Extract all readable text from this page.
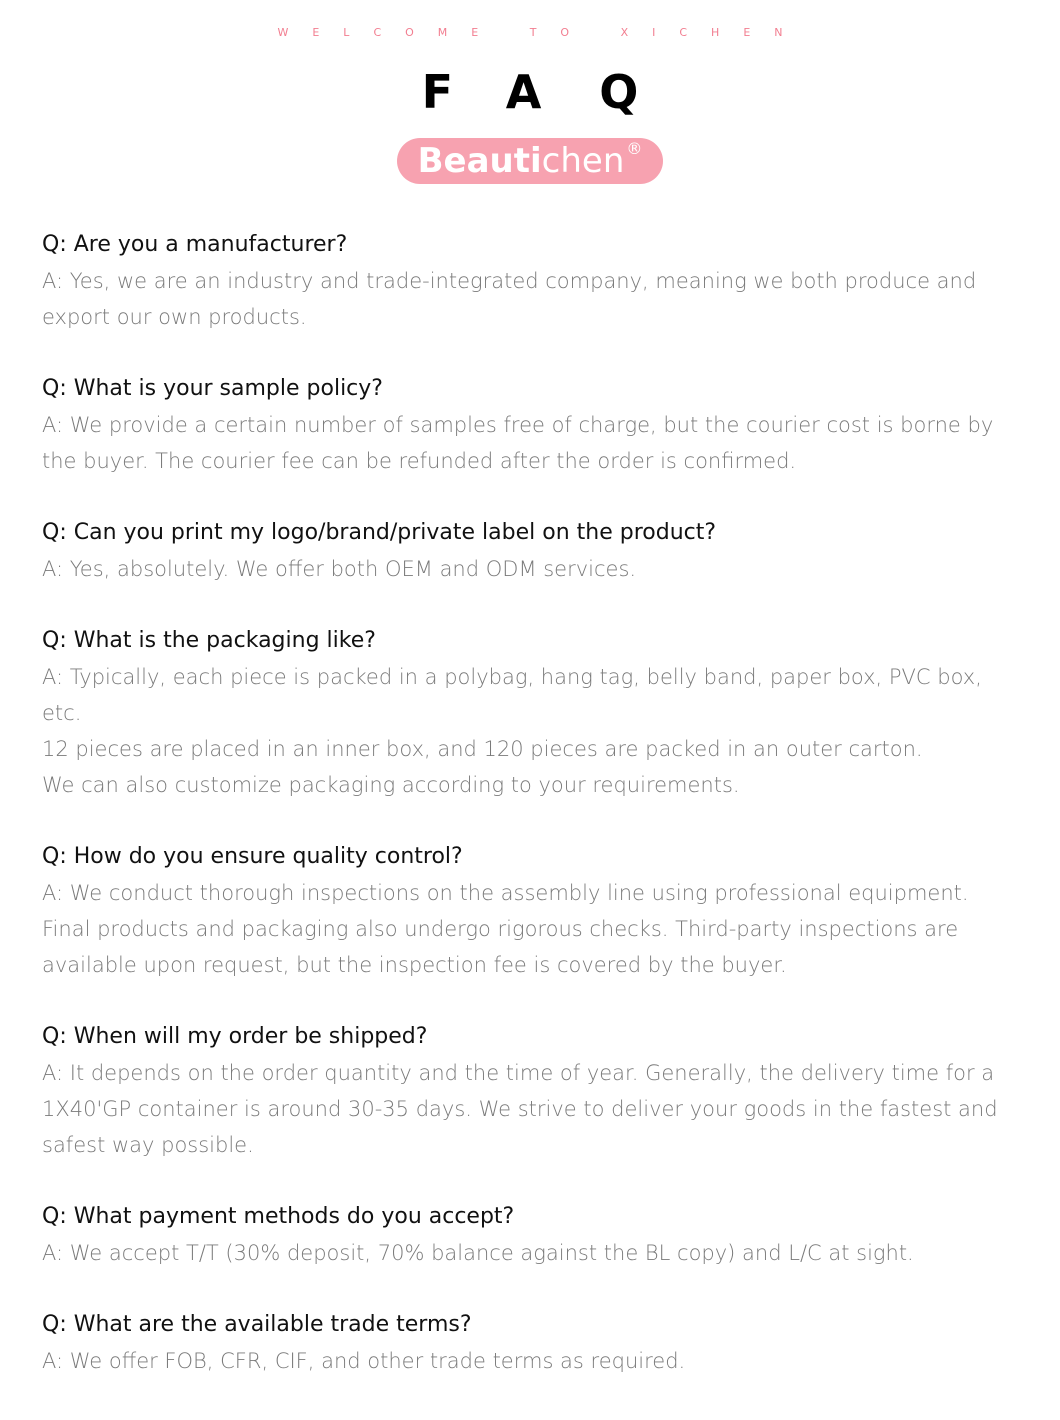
WELCOME TO XICHEN
FAQ
Beautichen ®

Q: Are you a manufacturer?

A: Yes, we are an industry and trade-integrated company, meaning we both produce and export our own products.

Q: What is your sample policy?

A: We provide a certain number of samples free of charge, but the courier cost is borne by the buyer. The courier fee can be refunded after the order is confirmed.

Q: Can you print my logo/brand/private label on the product?

A: Yes, absolutely. We offer both OEM and ODM services.

Q: What is the packaging like?

A: Typically, each piece is packed in a polybag, hang tag, belly band, paper box, PVC box, etc.
12 pieces are placed in an inner box, and 120 pieces are packed in an outer carton.
We can also customize packaging according to your requirements.

Q: How do you ensure quality control?

A: We conduct thorough inspections on the assembly line using professional equipment. Final products and packaging also undergo rigorous checks. Third-party inspections are available upon request, but the inspection fee is covered by the buyer.

Q: When will my order be shipped?

A: It depends on the order quantity and the time of year. Generally, the delivery time for a 1X40'GP container is around 30-35 days. We strive to deliver your goods in the fastest and safest way possible.

Q: What payment methods do you accept?

A: We accept T/T (30% deposit, 70% balance against the BL copy) and L/C at sight.

Q: What are the available trade terms?

A: We offer FOB, CFR, CIF, and other trade terms as required.
